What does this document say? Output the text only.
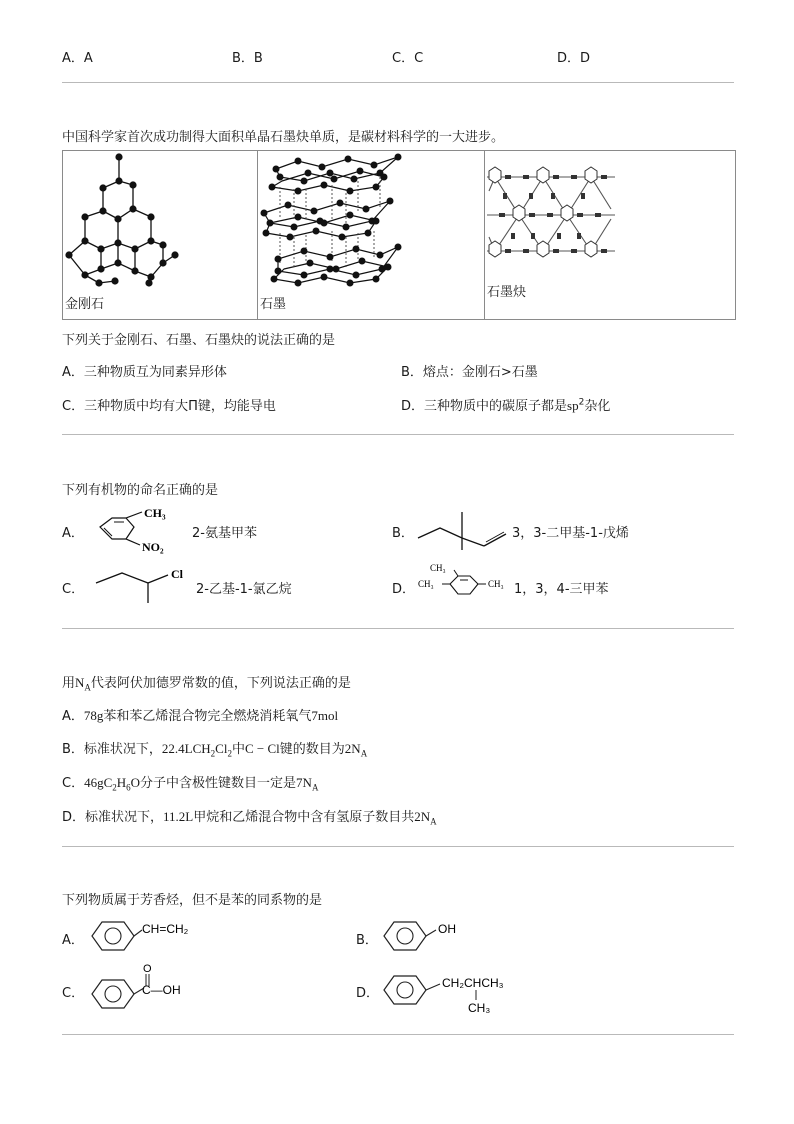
A．A	B．B	C．C	D．D
中国科学家首次成功制得大面积单晶石墨炔单质，是碳材料科学的一大进步。
金刚石	石墨

石墨炔
下列关于金刚石、石墨、石墨炔的说法正确的是
A．三种物质互为同素异形体	B．熔点：金刚石>石墨
C．三种物质中均有大Π键，均能导电	D．三种物质中的碳原子都是$sp^2$杂化
下列有机物的命名正确的是
A．
CH₃
NO₂
2-氨基甲苯	B．	3，3-二甲基-1-戊烯
C．
Cl
2-乙基-1-氯乙烷	D．
CH₃
CH₃	CH₃ 1，3，4-三甲苯
用$N_A$代表阿伏加德罗常数的值，下列说法正确的是
A．78g苯和苯乙烯混合物完全燃烧消耗氧气7mol
B．标准状况下，$22.4LCH_2Cl_2$中C − Cl键的数目为$2N_A$
C．$46gC_2H_6O$分子中含极性键数目一定是$7N_A$
D．标准状况下，11.2L甲烷和乙烯混合物中含有氢原子数目共$2N_A$
下列物质属于芳香烃，但不是苯的同系物的是
A．
CH=CH₂
B．
OH
C．
O
C—OH	D．
CH₂CHCH₃
CH₃
